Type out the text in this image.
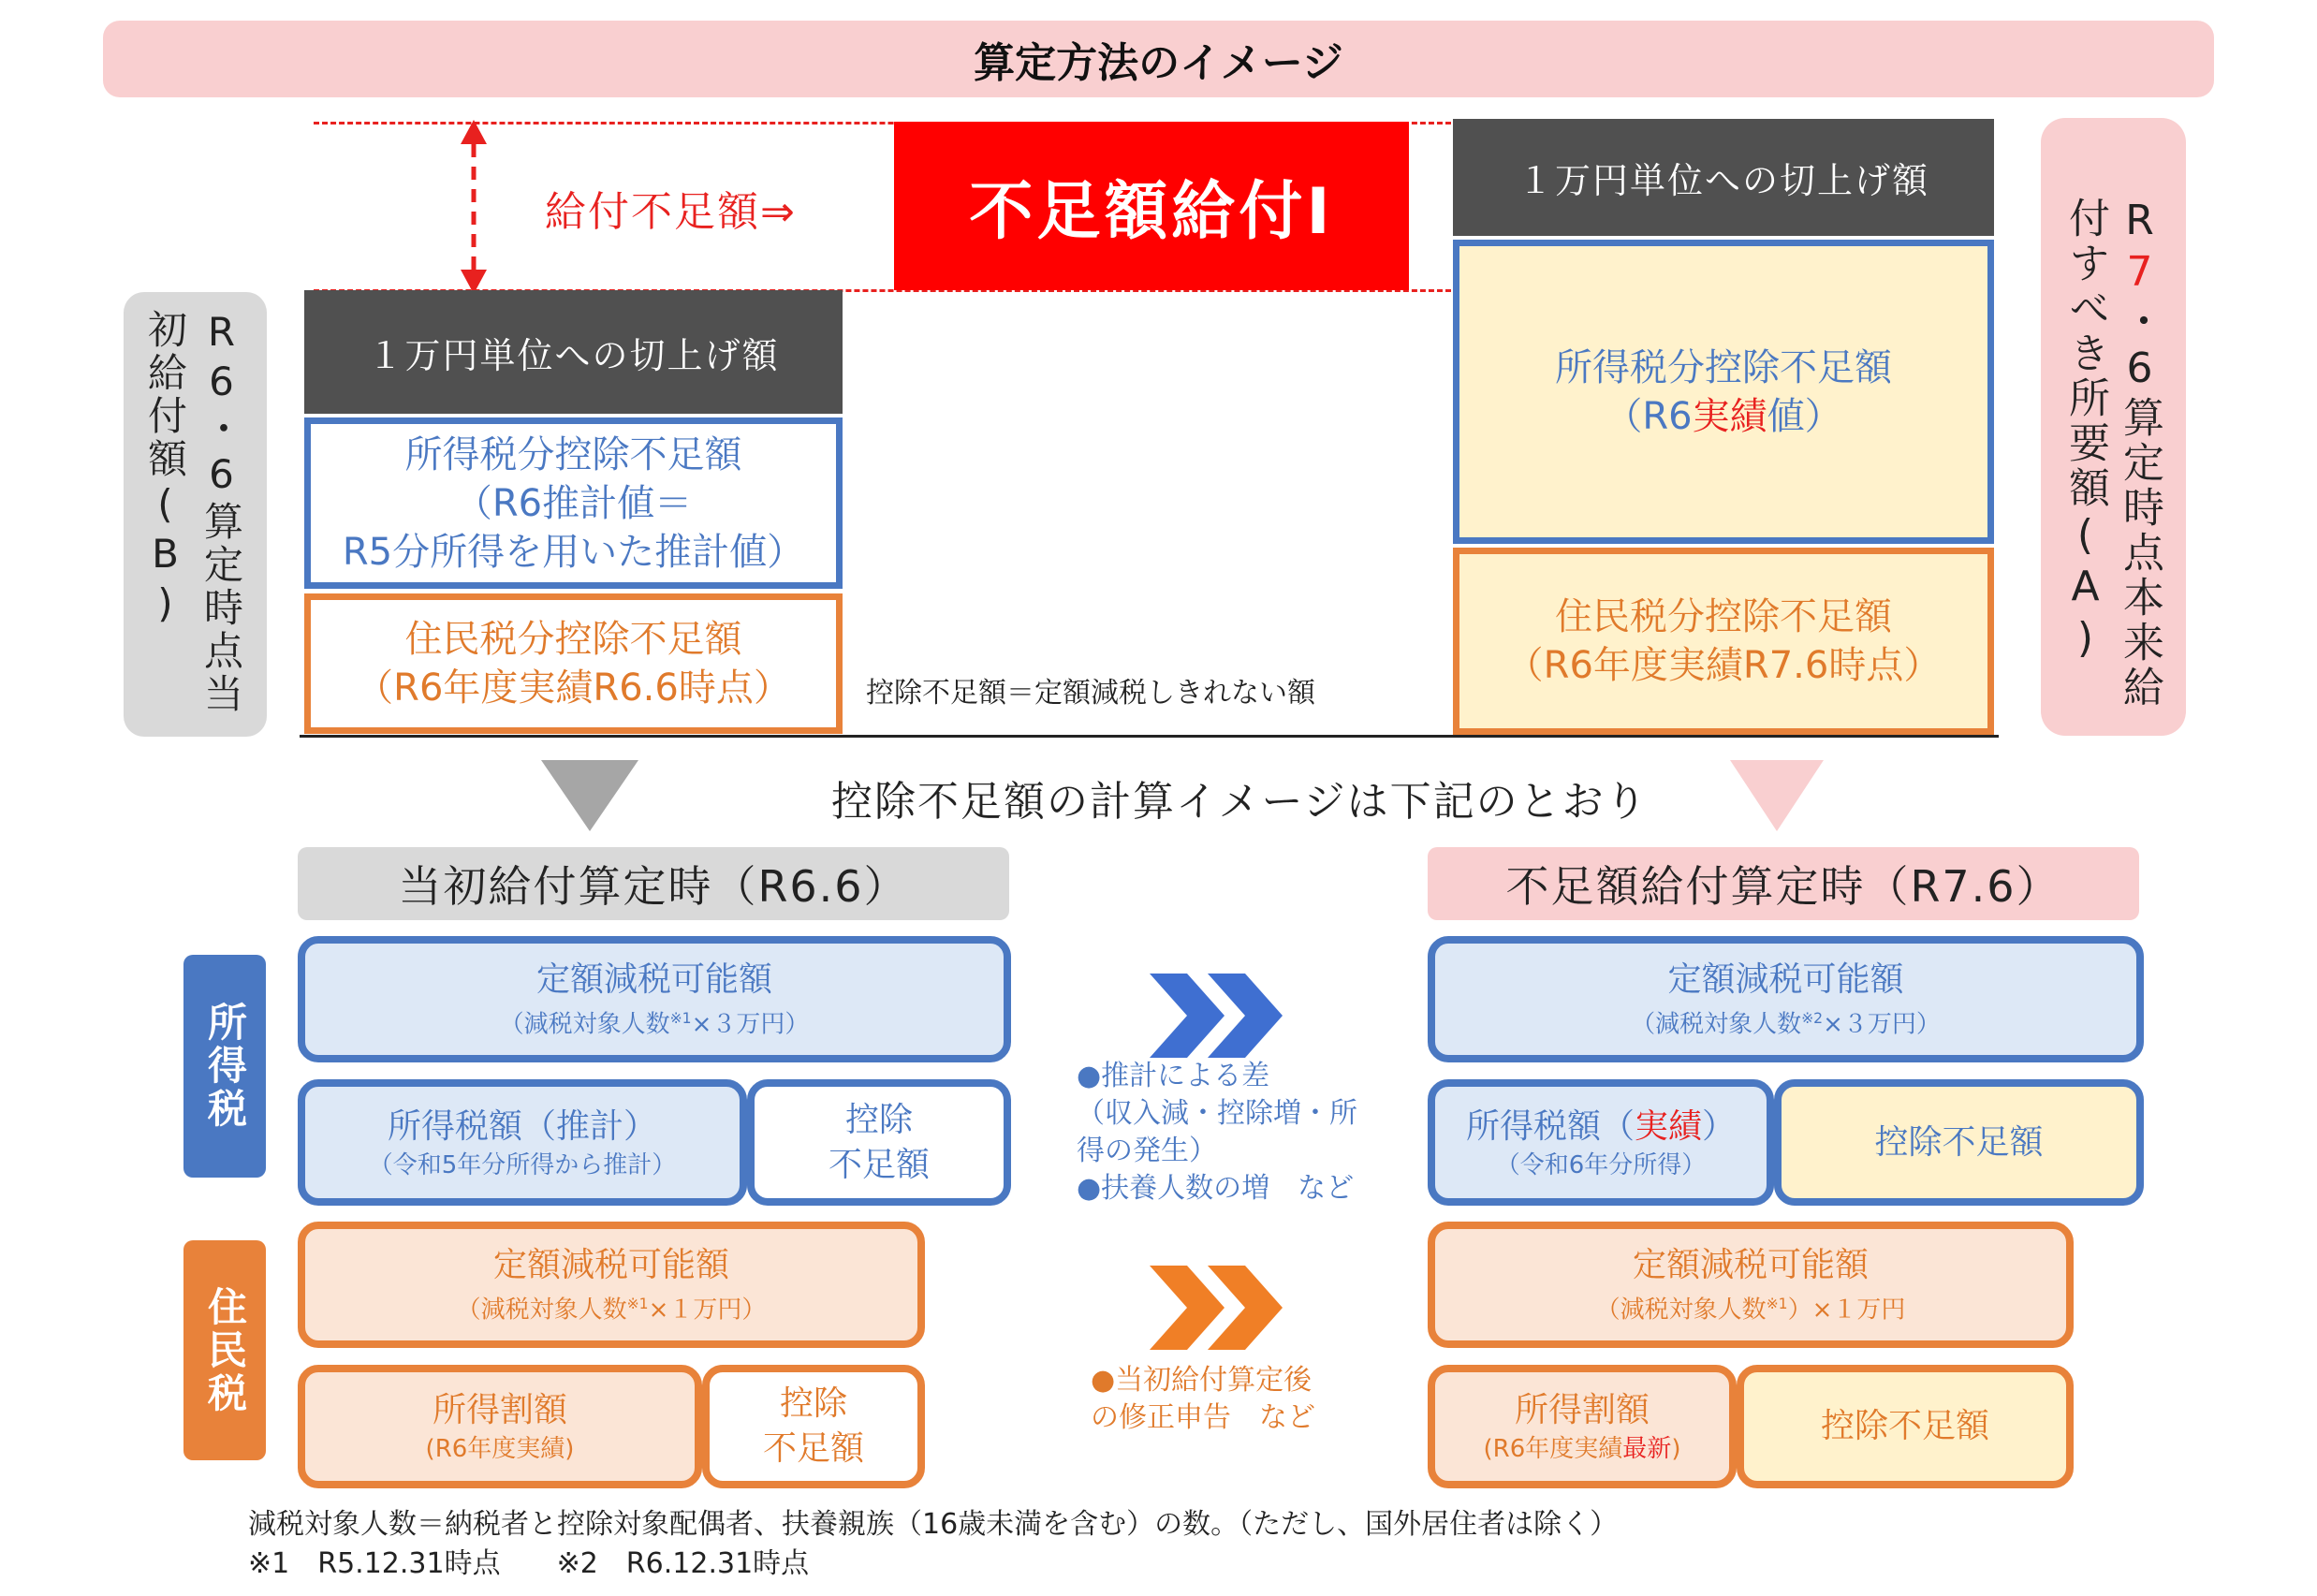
算定方法のイメージ
給付不足額⇒	不足額給付Ⅰ
R6・6算定時点当初給付額(B)	１万円単位への切上げ額
所得税分控除不足額
（R6推計値＝
R5分所得を用いた推計値）
住民税分控除不足額
（R6年度実績R6.6時点）	控除不足額＝定額減税しきれない額
１万円単位への切上げ額
所得税分控除不足額
（R6実績値）
住民税分控除不足額
（R6年度実績R7.6時点）
R7・6算定時点本来給付すべき所要額(A)
控除不足額の計算イメージは下記のとおり
当初給付算定時（R6.6）	不足額給付算定時（R7.6）
所得税
住民税
定額減税可能額
（減税対象人数$^{※1}$×３万円）
所得税額（推計）
（令和5年分所得から推計）
控除
不足額
定額減税可能額
（減税対象人数$^{※1}$×１万円）
所得割額
(R6年度実績)
控除
不足額
●推計による差
（収入減・控除増・所
得の発生）
●扶養人数の増　など
●当初給付算定後
の修正申告　など
定額減税可能額
（減税対象人数$^{※2}$×３万円）
所得税額（実績）
（令和6年分所得）
控除不足額
定額減税可能額
（減税対象人数$^{※1}$）×１万円
所得割額
(R6年度実績最新)
控除不足額
減税対象人数＝納税者と控除対象配偶者、扶養親族（16歳未満を含む）の数。（ただし、国外居住者は除く）
※1　R5.12.31時点　　※2　R6.12.31時点
